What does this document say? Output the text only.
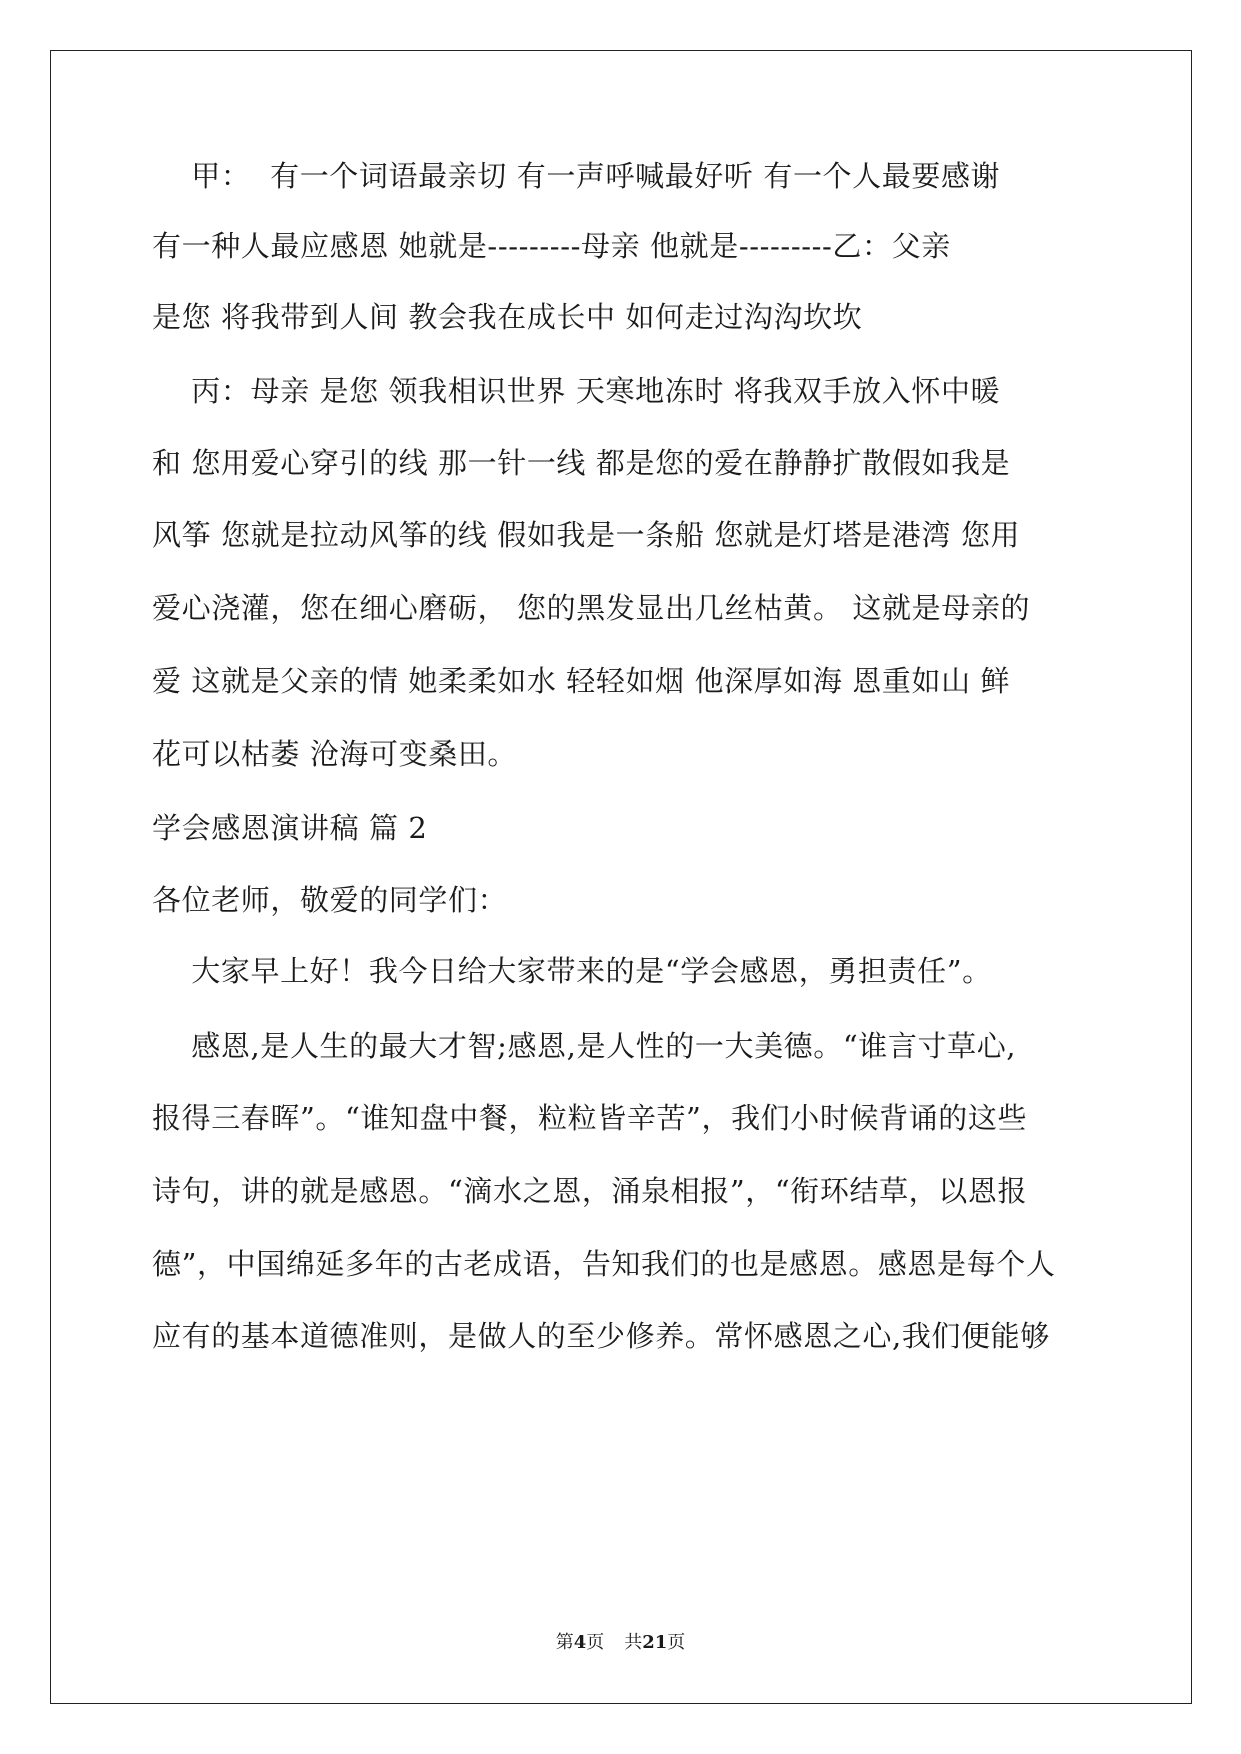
甲：  有一个词语最亲切 有一声呼喊最好听 有一个人最要感谢
有一种人最应感恩 她就是---------母亲 他就是---------乙：父亲
是您 将我带到人间 教会我在成长中 如何走过沟沟坎坎
丙：母亲 是您 领我相识世界 天寒地冻时 将我双手放入怀中暖
和 您用爱心穿引的线 那一针一线 都是您的爱在静静扩散假如我是
风筝 您就是拉动风筝的线 假如我是一条船 您就是灯塔是港湾 您用
爱心浇灌，您在细心磨砺， 您的黑发显出几丝枯黄。 这就是母亲的
爱 这就是父亲的情 她柔柔如水 轻轻如烟 他深厚如海 恩重如山 鲜
花可以枯萎 沧海可变桑田。
学会感恩演讲稿 篇 2
各位老师，敬爱的同学们：
大家早上好！我今日给大家带来的是“学会感恩，勇担责任”。
感恩,是人生的最大才智;感恩,是人性的一大美德。“谁言寸草心,
报得三春晖”。“谁知盘中餐，粒粒皆辛苦”，我们小时候背诵的这些
诗句，讲的就是感恩。“滴水之恩，涌泉相报”，“衔环结草，以恩报
德”，中国绵延多年的古老成语，告知我们的也是感恩。感恩是每个人
应有的基本道德准则，是做人的至少修养。常怀感恩之心,我们便能够
第4页 共21页
